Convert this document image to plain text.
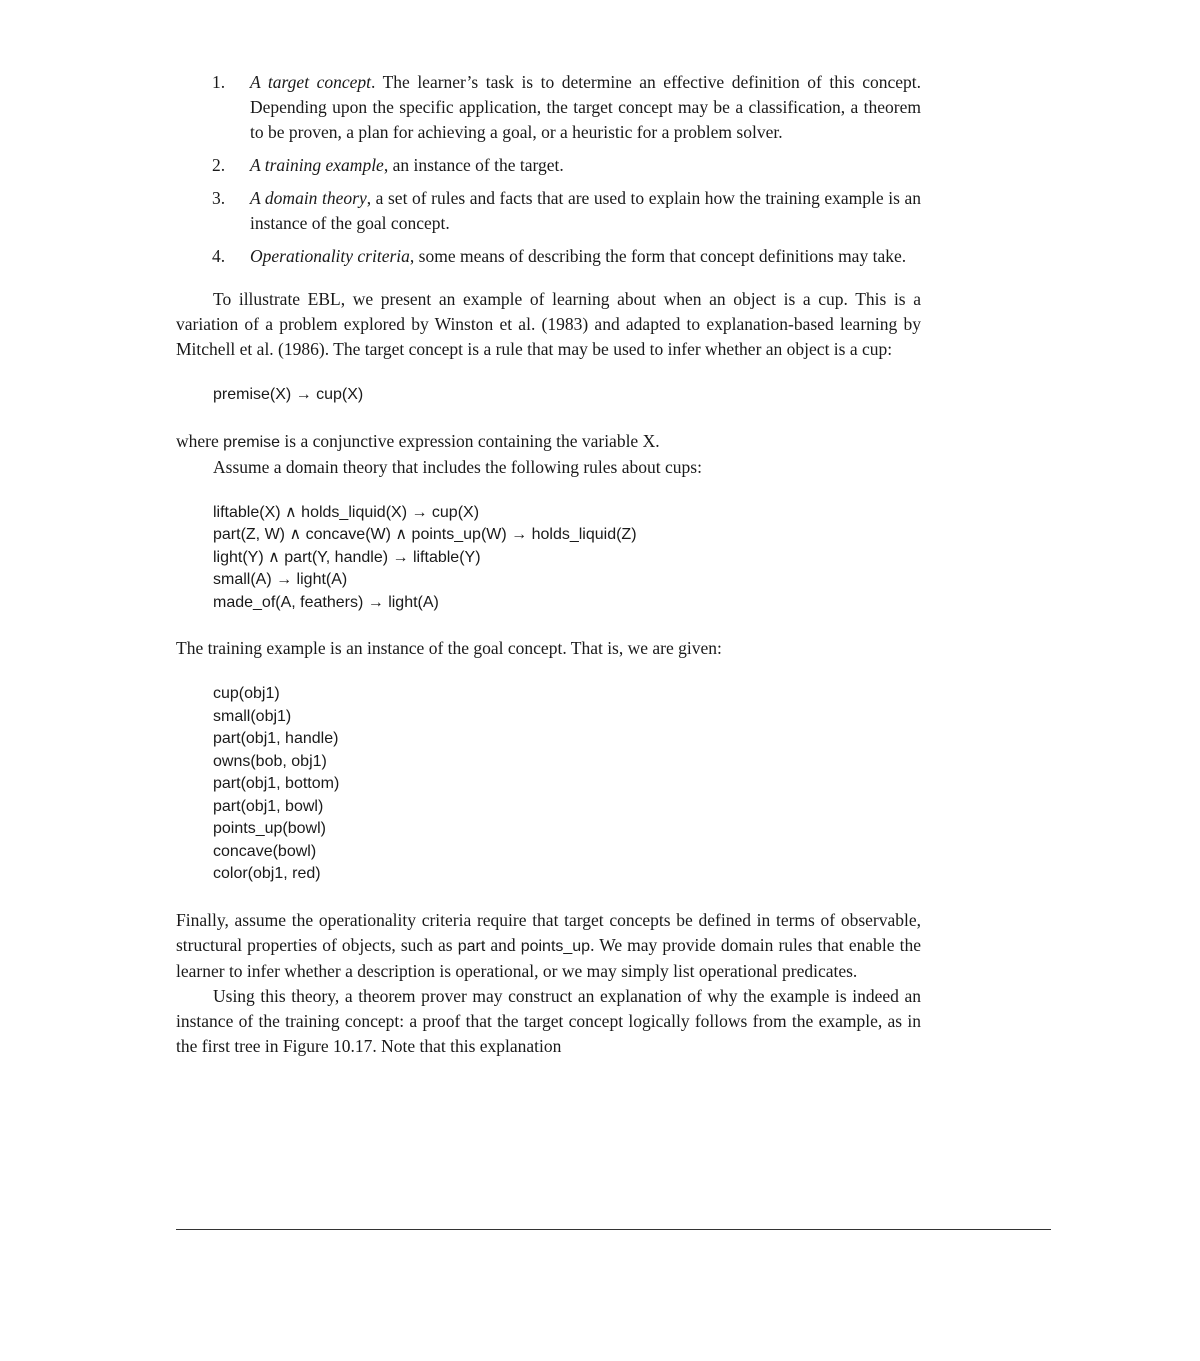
1. A target concept. The learner’s task is to determine an effective definition of this concept. Depending upon the specific application, the target concept may be a classification, a theorem to be proven, a plan for achieving a goal, or a heuristic for a problem solver.
2. A training example, an instance of the target.
3. A domain theory, a set of rules and facts that are used to explain how the training example is an instance of the goal concept.
4. Operationality criteria, some means of describing the form that concept definitions may take.

To illustrate EBL, we present an example of learning about when an object is a cup. This is a variation of a problem explored by Winston et al. (1983) and adapted to explanation-based learning by Mitchell et al. (1986). The target concept is a rule that may be used to infer whether an object is a cup:

premise(X) → cup(X)

where premise is a conjunctive expression containing the variable X.

Assume a domain theory that includes the following rules about cups:

liftable(X) ∧ holds_liquid(X) → cup(X)
part(Z, W) ∧ concave(W) ∧ points_up(W) → holds_liquid(Z)
light(Y) ∧ part(Y, handle) → liftable(Y)
small(A) → light(A)
made_of(A, feathers) → light(A)

The training example is an instance of the goal concept. That is, we are given:

cup(obj1)
small(obj1)
part(obj1, handle)
owns(bob, obj1)
part(obj1, bottom)
part(obj1, bowl)
points_up(bowl)
concave(bowl)
color(obj1, red)

Finally, assume the operationality criteria require that target concepts be defined in terms of observable, structural properties of objects, such as part and points_up. We may provide domain rules that enable the learner to infer whether a description is operational, or we may simply list operational predicates.

Using this theory, a theorem prover may construct an explanation of why the example is indeed an instance of the training concept: a proof that the target concept logically follows from the example, as in the first tree in Figure 10.17. Note that this explanation
